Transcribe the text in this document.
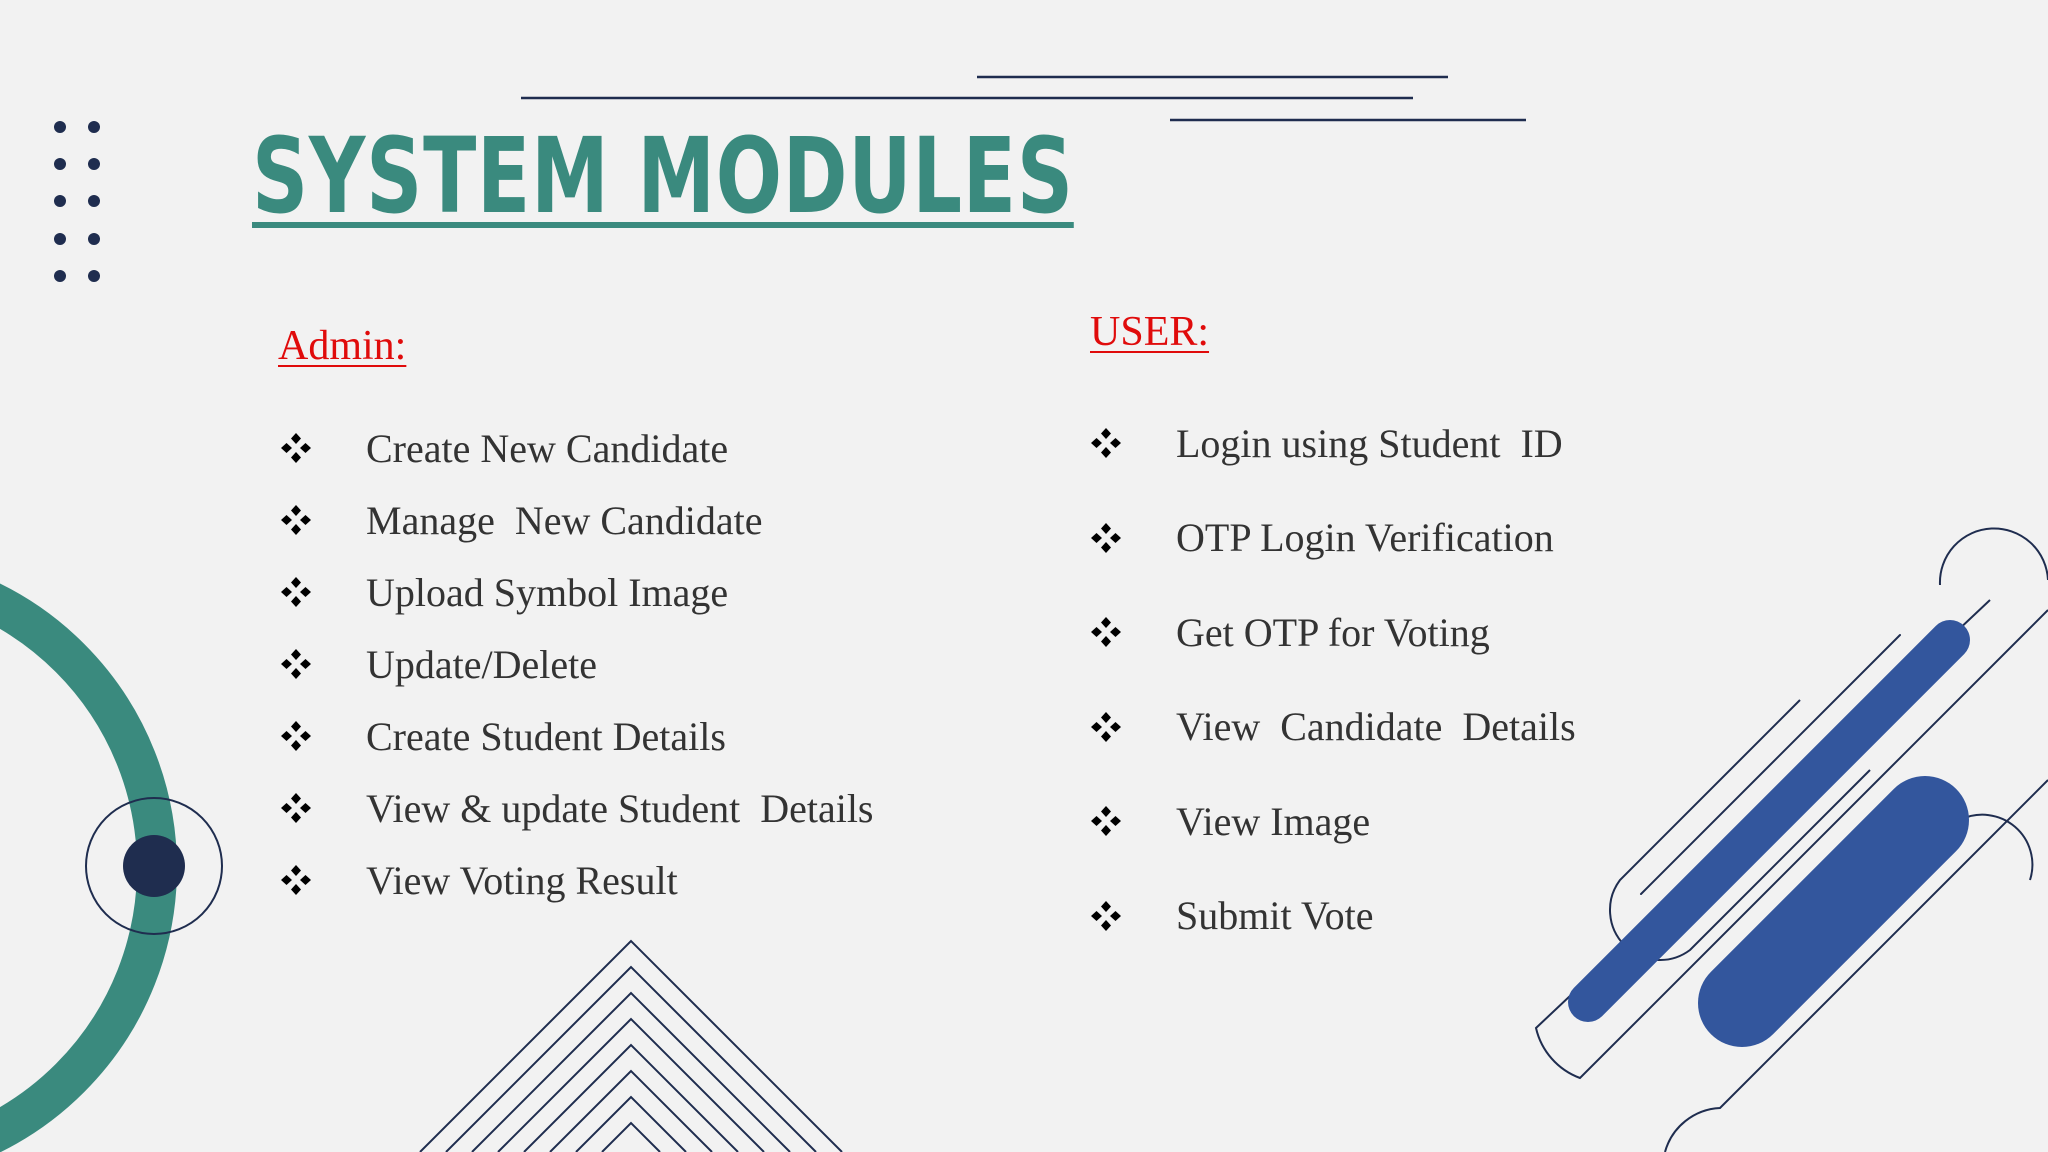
SYSTEM MODULES
Admin:
Create New Candidate
Manage  New Candidate
Upload Symbol Image
Update/Delete
Create Student Details
View & update Student  Details
View Voting Result
USER:
Login using Student  ID
OTP Login Verification
Get OTP for Voting
View  Candidate  Details
View Image
Submit Vote
